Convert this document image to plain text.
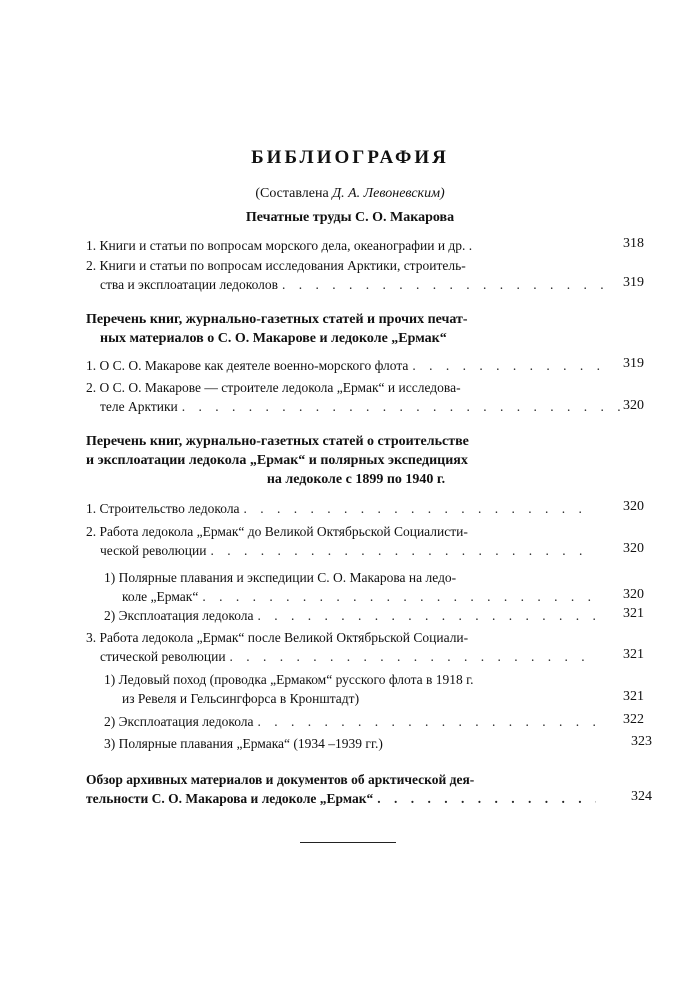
БИБЛИОГРАФИЯ
(Составлена Д. А. Левоневским)
Печатные труды С. О. Макарова
1. Книги и статьи по вопросам морского дела, океанографии и др. .	318
2. Книги и статьи по вопросам исследования Арктики, строитель-
ства и эксплоатации ледоколов . . .	319
Перечень книг, журнально-газетных статей и прочих печат-
ных материалов о С. О. Макарове и ледоколе „Ермак“
1. О С. О. Макарове как деятеле военно-морского флота . . .	319
2. О С. О. Макарове — строителе ледокола „Ермак“ и исследова-
теле Арктики . . .	320
Перечень книг, журнально-газетных статей о строительстве
и эксплоатации ледокола „Ермак“ и полярных экспедициях
на ледоколе с 1899 по 1940 г.
1. Строительство ледокола . . .	320
2. Работа ледокола „Ермак“ до Великой Октябрьской Социалисти-
ческой революции . . .	320
1) Полярные плавания и экспедиции С. О. Макарова на ледо-
коле „Ермак“ . . .	320
2) Эксплоатация ледокола . . .	321
3. Работа ледокола „Ермак“ после Великой Октябрьской Социали-
стической революции . . .	321
1) Ледовый поход (проводка „Ермаком“ русского флота в 1918 г.
из Ревеля и Гельсингфорса в Кронштадт)	321
2) Эксплоатация ледокола . . .	322
3) Полярные плавания „Ермака“ (1934 –1939 гг.)	323
Обзор архивных материалов и документов об арктической дея-
тельности С. О. Макарова и ледоколе „Ермак“ . . .	324
